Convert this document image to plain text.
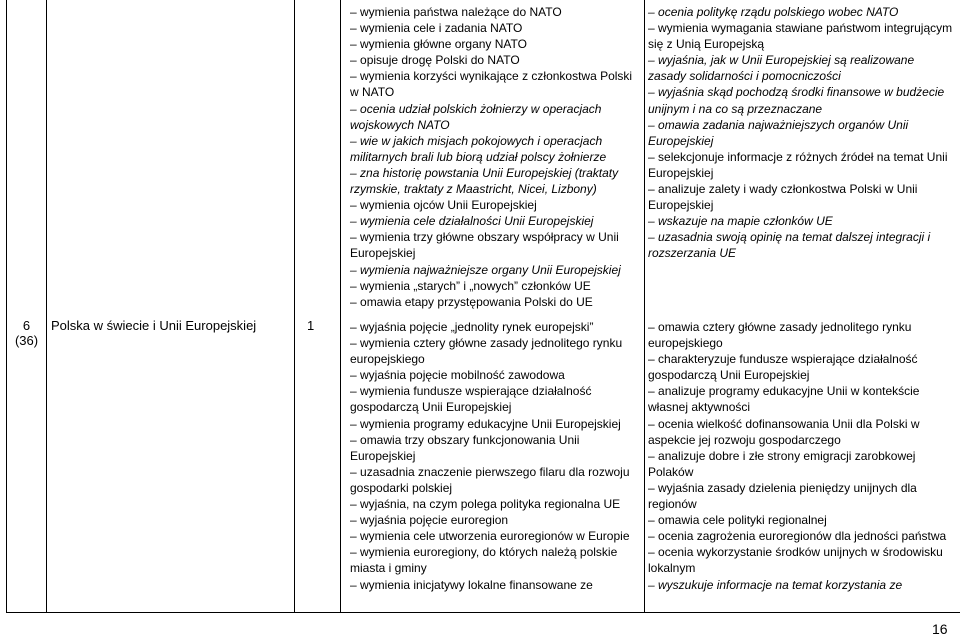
6
(36)
Polska w świecie i Unii Europejskiej	1
– wymienia państwa należące do NATO
– wymienia cele i zadania NATO
– wymienia główne organy NATO
– opisuje drogę Polski do NATO
– wymienia korzyści wynikające z członkostwa Polski w NATO
– ocenia udział polskich żołnierzy w operacjach wojskowych NATO
– wie w jakich misjach pokojowych i operacjach militarnych brali lub biorą udział polscy żołnierze
– zna historię powstania Unii Europejskiej (traktaty rzymskie, traktaty z Maastricht, Nicei, Lizbony)
– wymienia ojców Unii Europejskiej
– wymienia cele działalności Unii Europejskiej
– wymienia trzy główne obszary współpracy w Unii Europejskiej
– wymienia najważniejsze organy Unii Europejskiej
– wymienia „starych” i „nowych” członków UE
– omawia etapy przystępowania Polski do UE
– wyjaśnia pojęcie „jednolity rynek europejski”
– wymienia cztery główne zasady jednolitego rynku europejskiego
– wyjaśnia pojęcie mobilność zawodowa
– wymienia fundusze wspierające działalność gospodarczą Unii Europejskiej
– wymienia programy edukacyjne Unii Europejskiej
– omawia trzy obszary funkcjonowania Unii Europejskiej
– uzasadnia znaczenie pierwszego filaru dla rozwoju gospodarki polskiej
– wyjaśnia, na czym polega polityka regionalna UE
– wyjaśnia pojęcie euroregion
– wymienia cele utworzenia euroregionów w Europie
– wymienia euroregiony, do których należą polskie miasta i gminy
– wymienia inicjatywy lokalne finansowane ze
– ocenia politykę rządu polskiego wobec NATO
– wymienia wymagania stawiane państwom integrującym się z Unią Europejską
– wyjaśnia, jak w Unii Europejskiej są realizowane zasady solidarności i pomocniczości
– wyjaśnia skąd pochodzą środki finansowe w budżecie unijnym i na co są przeznaczane
– omawia zadania najważniejszych organów Unii Europejskiej
– selekcjonuje informacje z różnych źródeł na temat Unii Europejskiej
– analizuje zalety i wady członkostwa Polski w Unii Europejskiej
– wskazuje na mapie członków UE
– uzasadnia swoją opinię na temat dalszej integracji i rozszerzania UE
– omawia cztery główne zasady jednolitego rynku europejskiego
– charakteryzuje fundusze wspierające działalność gospodarczą Unii Europejskiej
– analizuje programy edukacyjne Unii w kontekście własnej aktywności
– ocenia wielkość dofinansowania Unii dla Polski w aspekcie jej rozwoju gospodarczego
– analizuje dobre i złe strony emigracji zarobkowej Polaków
– wyjaśnia zasady dzielenia pieniędzy unijnych dla regionów
– omawia cele polityki regionalnej
– ocenia zagrożenia euroregionów dla jedności państwa
– ocenia wykorzystanie środków unijnych w środowisku lokalnym
– wyszukuje informacje na temat korzystania ze
16
